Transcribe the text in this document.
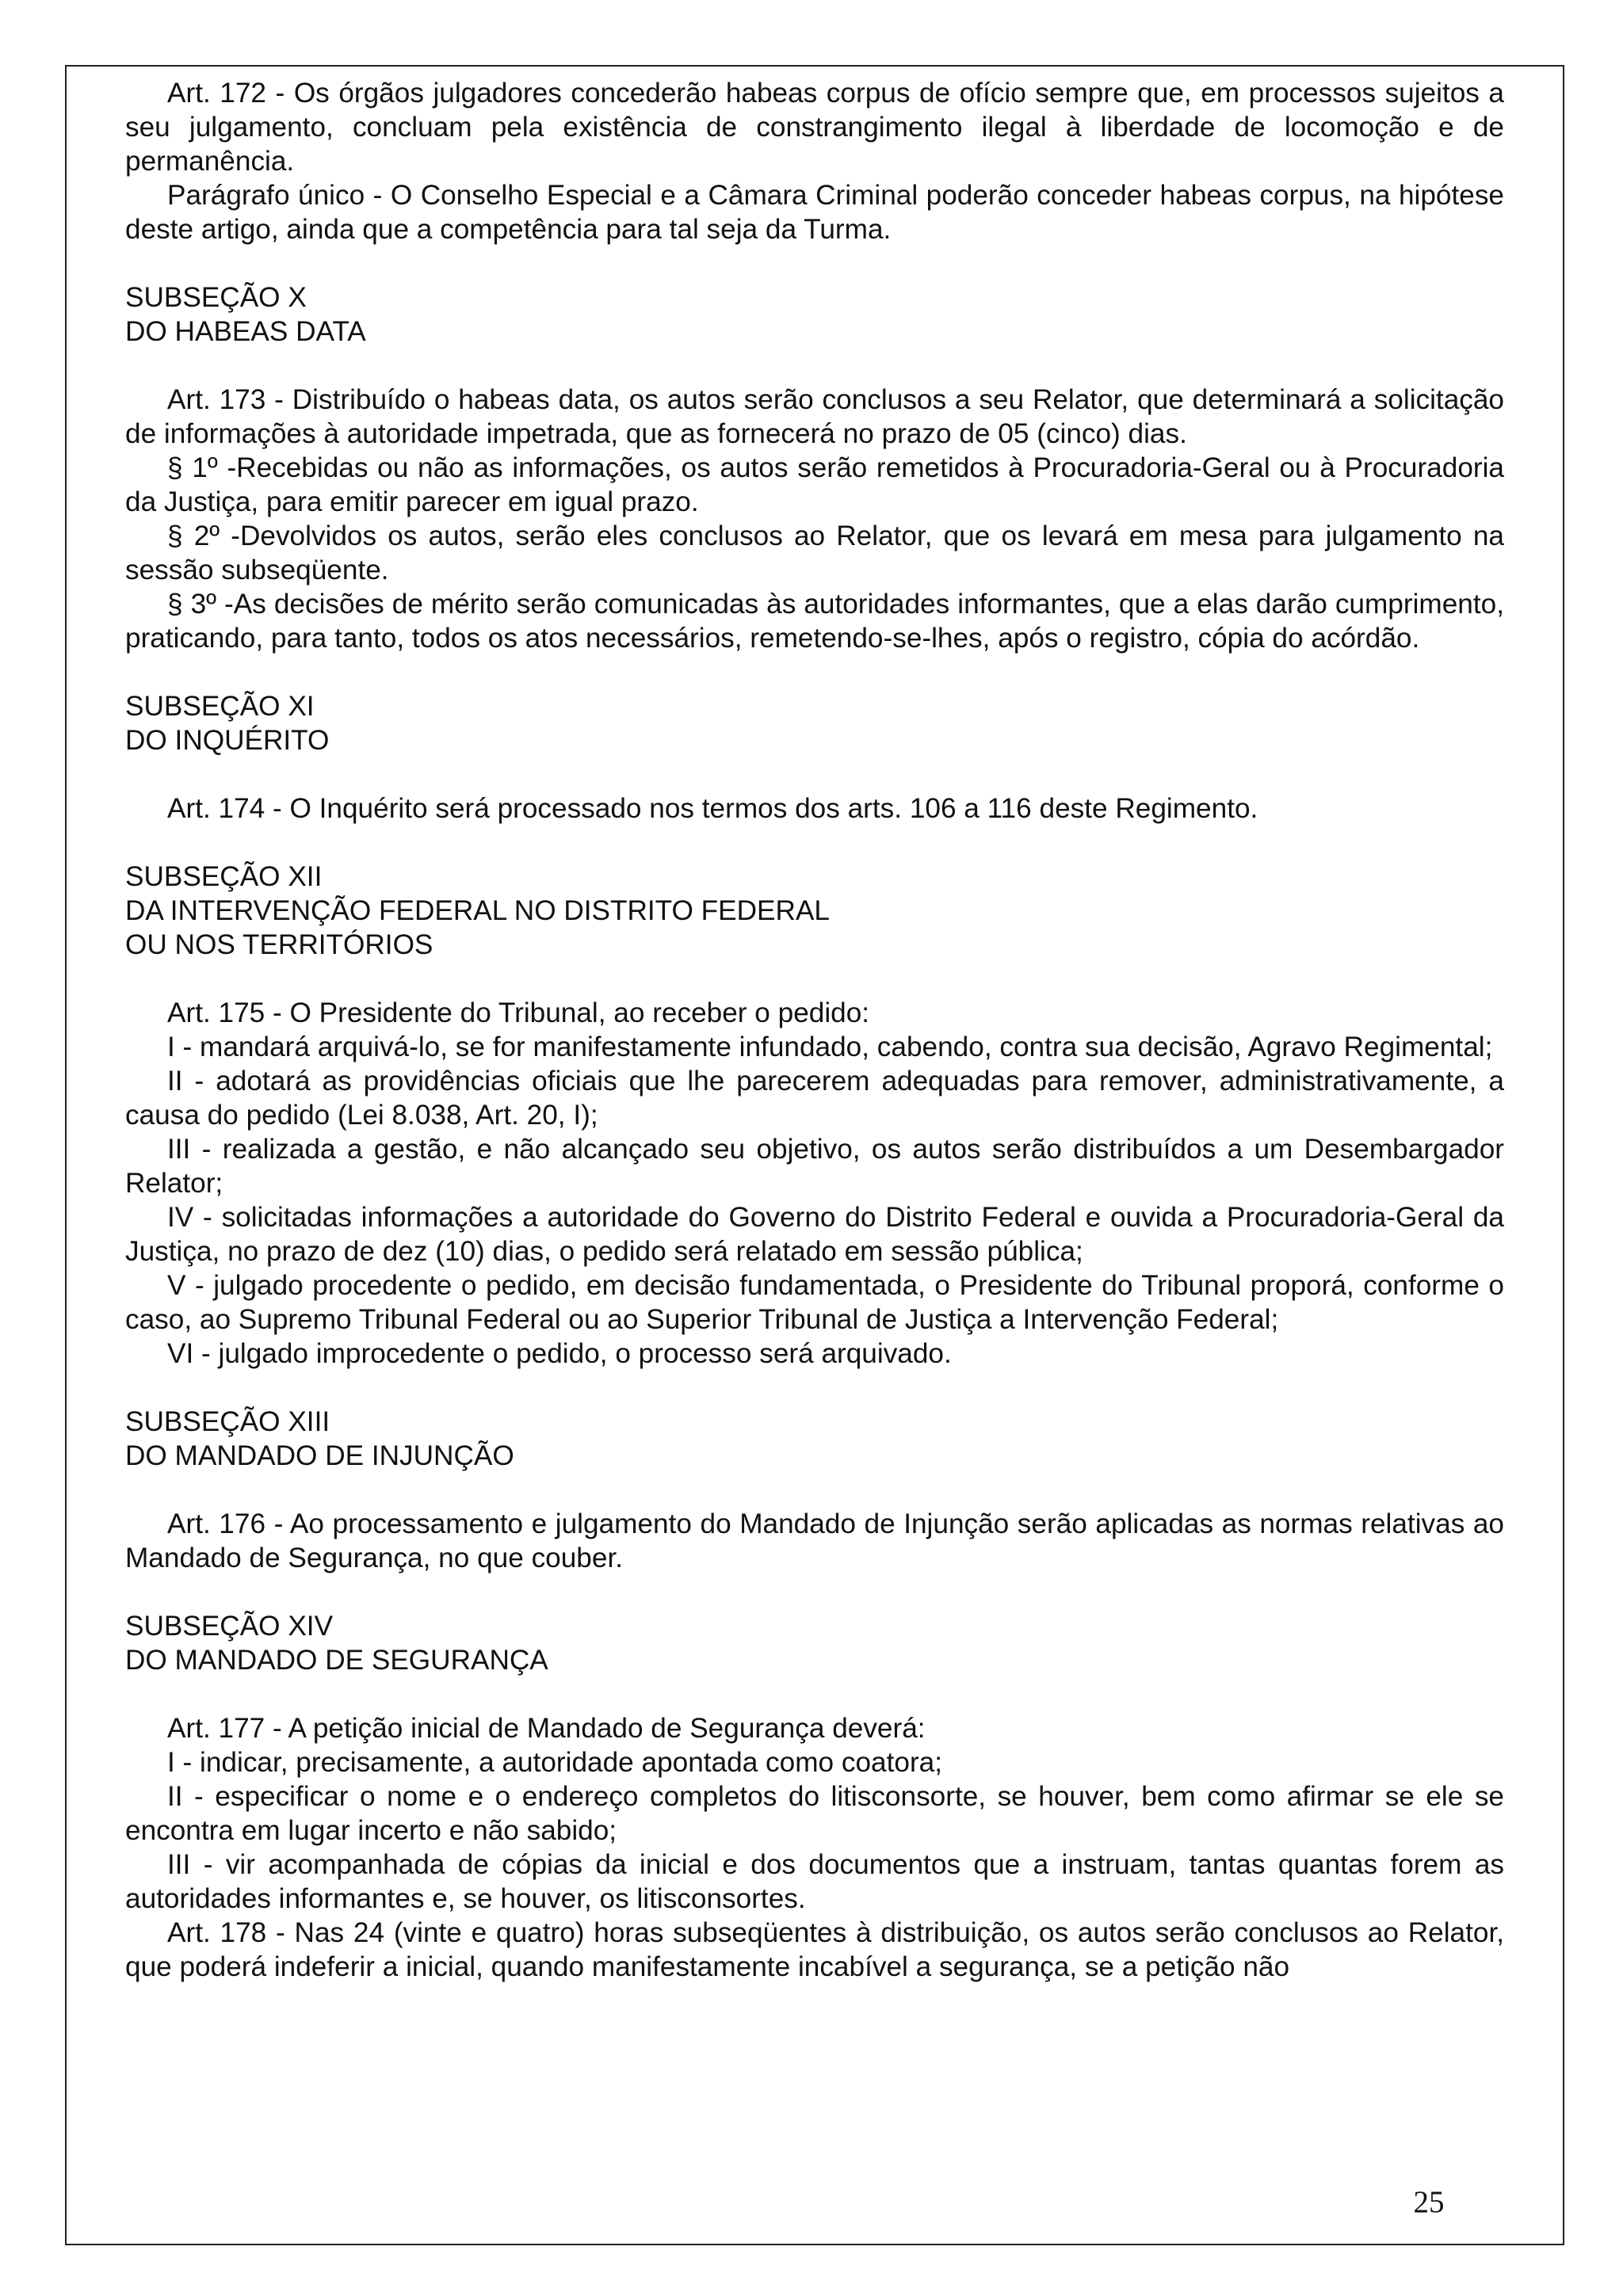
Art. 172 - Os órgãos julgadores concederão habeas corpus de ofício sempre que, em processos sujeitos a seu julgamento, concluam pela existência de constrangimento ilegal à liberdade de locomoção e de permanência.

Parágrafo único - O Conselho Especial e a Câmara Criminal poderão conceder habeas corpus, na hipótese deste artigo, ainda que a competência para tal seja da Turma.

SUBSEÇÃO X

DO HABEAS DATA

Art. 173 - Distribuído o habeas data, os autos serão conclusos a seu Relator, que determinará a solicitação de informações à autoridade impetrada, que as fornecerá no prazo de 05 (cinco) dias.

§ 1º -Recebidas ou não as informações, os autos serão remetidos à Procuradoria-Geral ou à Procuradoria da Justiça, para emitir parecer em igual prazo.

§ 2º -Devolvidos os autos, serão eles conclusos ao Relator, que os levará em mesa para julgamento na sessão subseqüente.

§ 3º -As decisões de mérito serão comunicadas às autoridades informantes, que a elas darão cumprimento, praticando, para tanto, todos os atos necessários, remetendo-se-lhes, após o registro, cópia do acórdão.

SUBSEÇÃO XI

DO INQUÉRITO

Art. 174 - O Inquérito será processado nos termos dos arts. 106 a 116 deste Regimento.

SUBSEÇÃO XII

DA INTERVENÇÃO FEDERAL NO DISTRITO FEDERAL

OU NOS TERRITÓRIOS

Art. 175 - O Presidente do Tribunal, ao receber o pedido:

I - mandará arquivá-lo, se for manifestamente infundado, cabendo, contra sua decisão, Agravo Regimental;

II - adotará as providências oficiais que lhe parecerem adequadas para remover, administrativamente, a causa do pedido (Lei 8.038, Art. 20, I);

III - realizada a gestão, e não alcançado seu objetivo, os autos serão distribuídos a um Desembargador Relator;

IV - solicitadas informações a autoridade do Governo do Distrito Federal e ouvida a Procuradoria-Geral da Justiça, no prazo de dez (10) dias, o pedido será relatado em sessão pública;

V - julgado procedente o pedido, em decisão fundamentada, o Presidente do Tribunal proporá, conforme o caso, ao Supremo Tribunal Federal ou ao Superior Tribunal de Justiça a Intervenção Federal;

VI - julgado improcedente o pedido, o processo será arquivado.

SUBSEÇÃO XIII

DO MANDADO DE INJUNÇÃO

Art. 176 - Ao processamento e julgamento do Mandado de Injunção serão aplicadas as normas relativas ao Mandado de Segurança, no que couber.

SUBSEÇÃO XIV

DO MANDADO DE SEGURANÇA

Art. 177 - A petição inicial de Mandado de Segurança deverá:

I - indicar, precisamente, a autoridade apontada como coatora;

II - especificar o nome e o endereço completos do litisconsorte, se houver, bem como afirmar se ele se encontra em lugar incerto e não sabido;

III - vir acompanhada de cópias da inicial e dos documentos que a instruam, tantas quantas forem as autoridades informantes e, se houver, os litisconsortes.

Art. 178 - Nas 24 (vinte e quatro) horas subseqüentes à distribuição, os autos serão conclusos ao Relator, que poderá indeferir a inicial, quando manifestamente incabível a segurança, se a petição não

25
